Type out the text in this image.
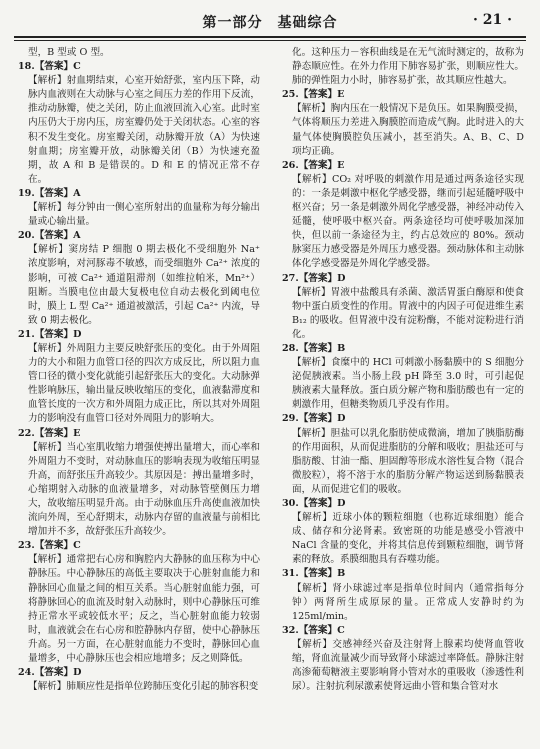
第一部分　基础综合	· 21 ·

型，B 型或 O 型。

18.【答案】C

【解析】射血期结束，心室开始舒张，室内压下降，动脉内血液则在大动脉与心室之间压力差的作用下反流，推动动脉瓣，使之关闭，防止血液回流入心室。此时室内压仍大于房内压，房室瓣仍处于关闭状态。心室的容积不发生变化。房室瓣关闭，动脉瓣开放（A）为快速射血期；房室瓣开放，动脉瓣关闭（B）为快速充盈期，故 A 和 B 是错误的。D 和 E 的情况正常不存在。

19.【答案】A

【解析】每分钟由一侧心室所射出的血量称为每分输出量或心输出量。

20.【答案】A

【解析】窦房结 P 细胞 0 期去极化不受细胞外 Na⁺ 浓度影响，对河豚毒不敏感，而受细胞外 Ca²⁺ 浓度的影响，可被 Ca²⁺ 通道阻滞剂（如维拉帕米，Mn²⁺）阻断。当膜电位由最大复极电位自动去极化到阈电位时，膜上 L 型 Ca²⁺ 通道被激活，引起 Ca²⁺ 内流，导致 0 期去极化。

21.【答案】D

【解析】外周阻力主要反映舒张压的变化。由于外周阻力的大小和阻力血管口径的四次方成反比，所以阻力血管口径的微小变化就能引起舒张压大的变化。大动脉弹性影响脉压，输出量反映收缩压的变化，血液黏滞度和血管长度的一次方和外周阻力成正比，所以其对外周阻力的影响没有血管口径对外周阻力的影响大。

22.【答案】E

【解析】当心室肌收缩力增强使搏出量增大，而心率和外周阻力不变时，对动脉血压的影响表现为收缩压明显升高，而舒张压升高较少。其原因是：搏出量增多时，心缩期射入动脉的血液量增多，对动脉管壁侧压力增大，故收缩压明显升高。由于动脉血压升高使血液加快流向外周，至心舒期末，动脉内存留的血液量与前相比增加并不多，故舒张压升高较少。

23.【答案】C

【解析】通常把右心房和胸腔内大静脉的血压称为中心静脉压。中心静脉压的高低主要取决于心脏射血能力和静脉回心血量之间的相互关系。当心脏射血能力强，可将静脉回心的血流及时射入动脉时，则中心静脉压可维持正常水平或较低水平；反之，当心脏射血能力较弱时，血液就会在右心房和腔静脉内存留，使中心静脉压升高。另一方面，在心脏射血能力不变时，静脉回心血量增多，中心静脉压也会相应地增多；反之则降低。

24.【答案】D

【解析】肺顺应性是指单位跨肺压变化引起的肺容积变

化。这种压力－容积曲线是在无气流时测定的，故称为静态顺应性。在外力作用下肺容易扩张，则顺应性大。肺的弹性阻力小时，肺容易扩张，故其顺应性越大。

25.【答案】E

【解析】胸内压在一般情况下是负压。如果胸膜受损，气体将顺压力差进入胸膜腔而造成气胸。此时进入的大量气体使胸膜腔负压减小，甚至消失。A、B、C、D 项均正确。

26.【答案】E

【解析】CO₂ 对呼吸的刺激作用是通过两条途径实现的：一条是刺激中枢化学感受器，继而引起延髓呼吸中枢兴奋；另一条是刺激外周化学感受器，神经冲动传入延髓，使呼吸中枢兴奋。两条途径均可使呼吸加深加快，但以前一条途径为主，约占总效应的 80%。颈动脉窦压力感受器是外周压力感受器。颈动脉体和主动脉体化学感受器是外周化学感受器。

27.【答案】D

【解析】胃液中盐酸具有杀菌、激活胃蛋白酶原和使食物中蛋白质变性的作用。胃液中的内因子可促进维生素 B₁₂ 的吸收。但胃液中没有淀粉酶，不能对淀粉进行消化。

28.【答案】B

【解析】食糜中的 HCl 可刺激小肠黏膜中的 S 细胞分泌促胰液素。当小肠上段 pH 降至 3.0 时，可引起促胰液素大量释放。蛋白质分解产物和脂肪酸也有一定的刺激作用，但糖类物质几乎没有作用。

29.【答案】D

【解析】胆盐可以乳化脂肪使成微滴，增加了胰脂肪酶的作用面积，从而促进脂肪的分解和吸收；胆盐还可与脂肪酸、甘油一酯、胆固醇等形成水溶性复合物（混合微胶粒），将不溶于水的脂肪分解产物运送到肠黏膜表面，从而促进它们的吸收。

30.【答案】D

【解析】近球小体的颗粒细胞（也称近球细胞）能合成、储存和分泌肾素。致密斑的功能是感受小管液中 NaCl 含量的变化，并将其信息传到颗粒细胞，调节肾素的释放。系膜细胞具有吞噬功能。

31.【答案】B

【解析】肾小球滤过率是指单位时间内（通常指每分钟）两肾所生成原尿的量。正常成人安静时约为 125ml/min。

32.【答案】C

【解析】交感神经兴奋及注射肾上腺素均使肾血管收缩，肾血流量减少而导致肾小球滤过率降低。静脉注射高渗葡萄糖液主要影响肾小管对水的重吸收（渗透性利尿）。注射抗利尿激素使肾远曲小管和集合管对水
